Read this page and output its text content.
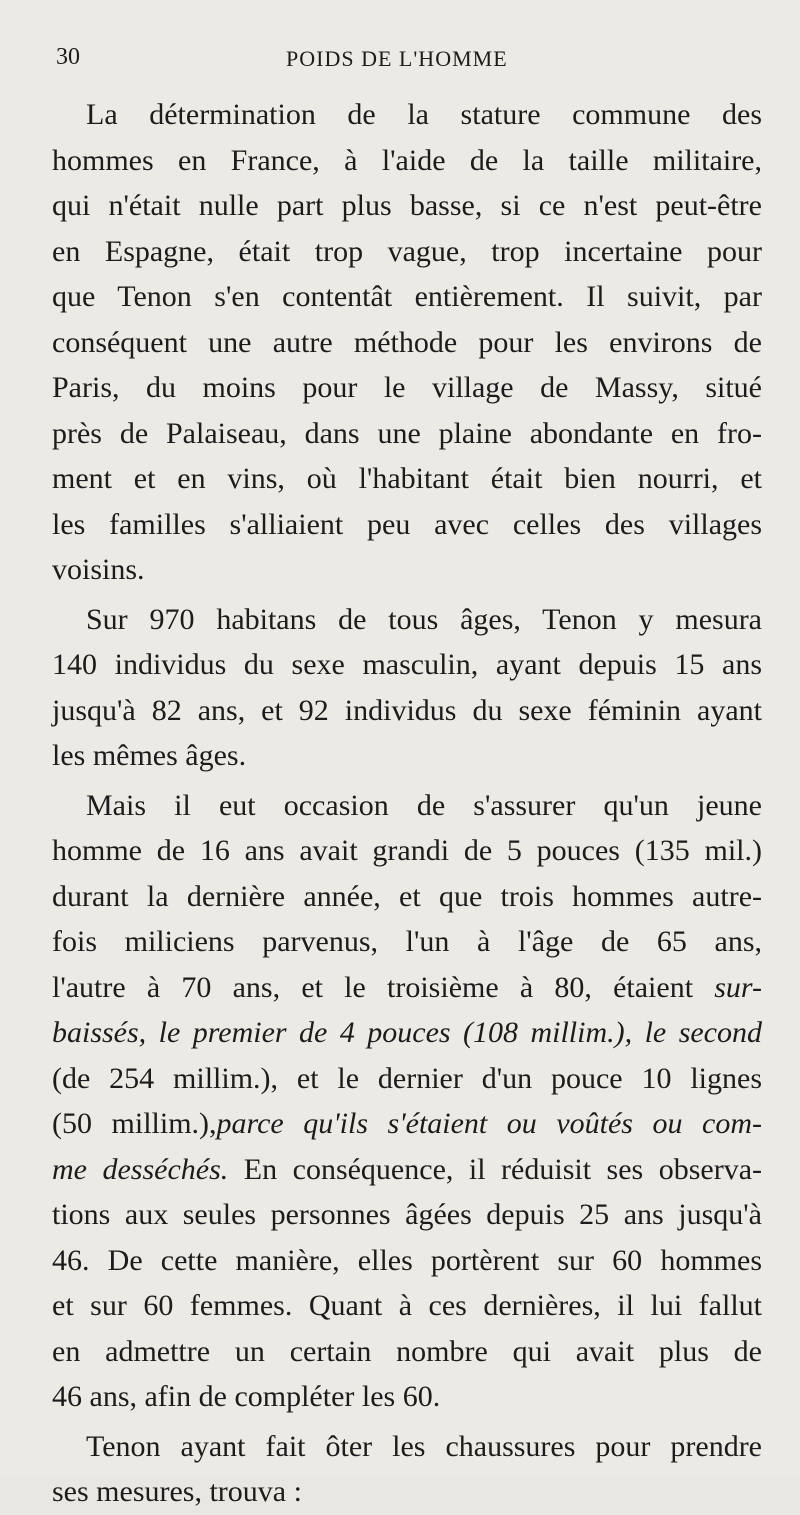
30	POIDS DE L'HOMME

La détermination de la stature commune des
hommes en France, à l'aide de la taille militaire,
qui n'était nulle part plus basse, si ce n'est peut-être
en Espagne, était trop vague, trop incertaine pour
que Tenon s'en contentât entièrement. Il suivit, par
conséquent une autre méthode pour les environs de
Paris, du moins pour le village de Massy, situé
près de Palaiseau, dans une plaine abondante en fro-
ment et en vins, où l'habitant était bien nourri, et
les familles s'alliaient peu avec celles des villages
voisins.

Sur 970 habitans de tous âges, Tenon y mesura
140 individus du sexe masculin, ayant depuis 15 ans
jusqu'à 82 ans, et 92 individus du sexe féminin ayant
les mêmes âges.

Mais il eut occasion de s'assurer qu'un jeune
homme de 16 ans avait grandi de 5 pouces (135 mil.)
durant la dernière année, et que trois hommes autre-
fois miliciens parvenus, l'un à l'âge de 65 ans,
l'autre à 70 ans, et le troisième à 80, étaient sur-
baissés, le premier de 4 pouces (108 millim.), le second
(de 254 millim.), et le dernier d'un pouce 10 lignes
(50 millim.),parce qu'ils s'étaient ou voûtés ou com-
me desséchés. En conséquence, il réduisit ses observa-
tions aux seules personnes âgées depuis 25 ans jusqu'à
46. De cette manière, elles portèrent sur 60 hommes
et sur 60 femmes. Quant à ces dernières, il lui fallut
en admettre un certain nombre qui avait plus de
46 ans, afin de compléter les 60.

Tenon ayant fait ôter les chaussures pour prendre
ses mesures, trouva :
